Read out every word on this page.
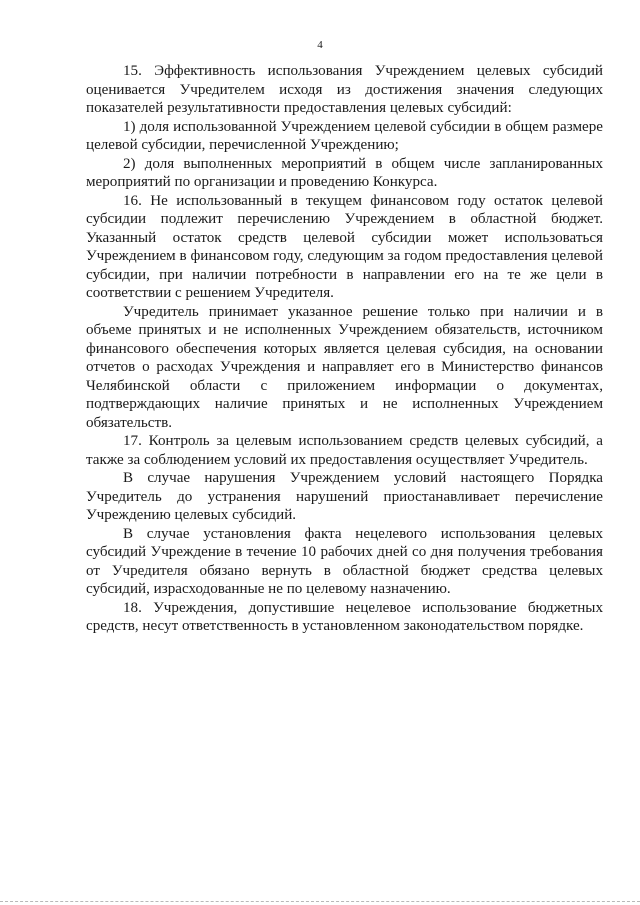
4

15. Эффективность использования Учреждением целевых субсидий оценивается Учредителем исходя из достижения значения следующих показателей результативности предоставления целевых субсидий:

1) доля использованной Учреждением целевой субсидии в общем размере целевой субсидии, перечисленной Учреждению;

2) доля выполненных мероприятий в общем числе запланированных мероприятий по организации и проведению Конкурса.

16. Не использованный в текущем финансовом году остаток целевой субсидии подлежит перечислению Учреждением в областной бюджет. Указанный остаток средств целевой субсидии может использоваться Учреждением в финансовом году, следующим за годом предоставления целевой субсидии, при наличии потребности в направлении его на те же цели в соответствии с решением Учредителя.

Учредитель принимает указанное решение только при наличии и в объеме принятых и не исполненных Учреждением обязательств, источником финансового обеспечения которых является целевая субсидия, на основании отчетов о расходах Учреждения и направляет его в Министерство финансов Челябинской области с приложением информации о документах, подтверждающих наличие принятых и не исполненных Учреждением обязательств.

17. Контроль за целевым использованием средств целевых субсидий, а также за соблюдением условий их предоставления осуществляет Учредитель.

В случае нарушения Учреждением условий настоящего Порядка Учредитель до устранения нарушений приостанавливает перечисление Учреждению целевых субсидий.

В случае установления факта нецелевого использования целевых субсидий Учреждение в течение 10 рабочих дней со дня получения требования от Учредителя обязано вернуть в областной бюджет средства целевых субсидий, израсходованные не по целевому назначению.

18. Учреждения, допустившие нецелевое использование бюджетных средств, несут ответственность в установленном законодательством порядке.
